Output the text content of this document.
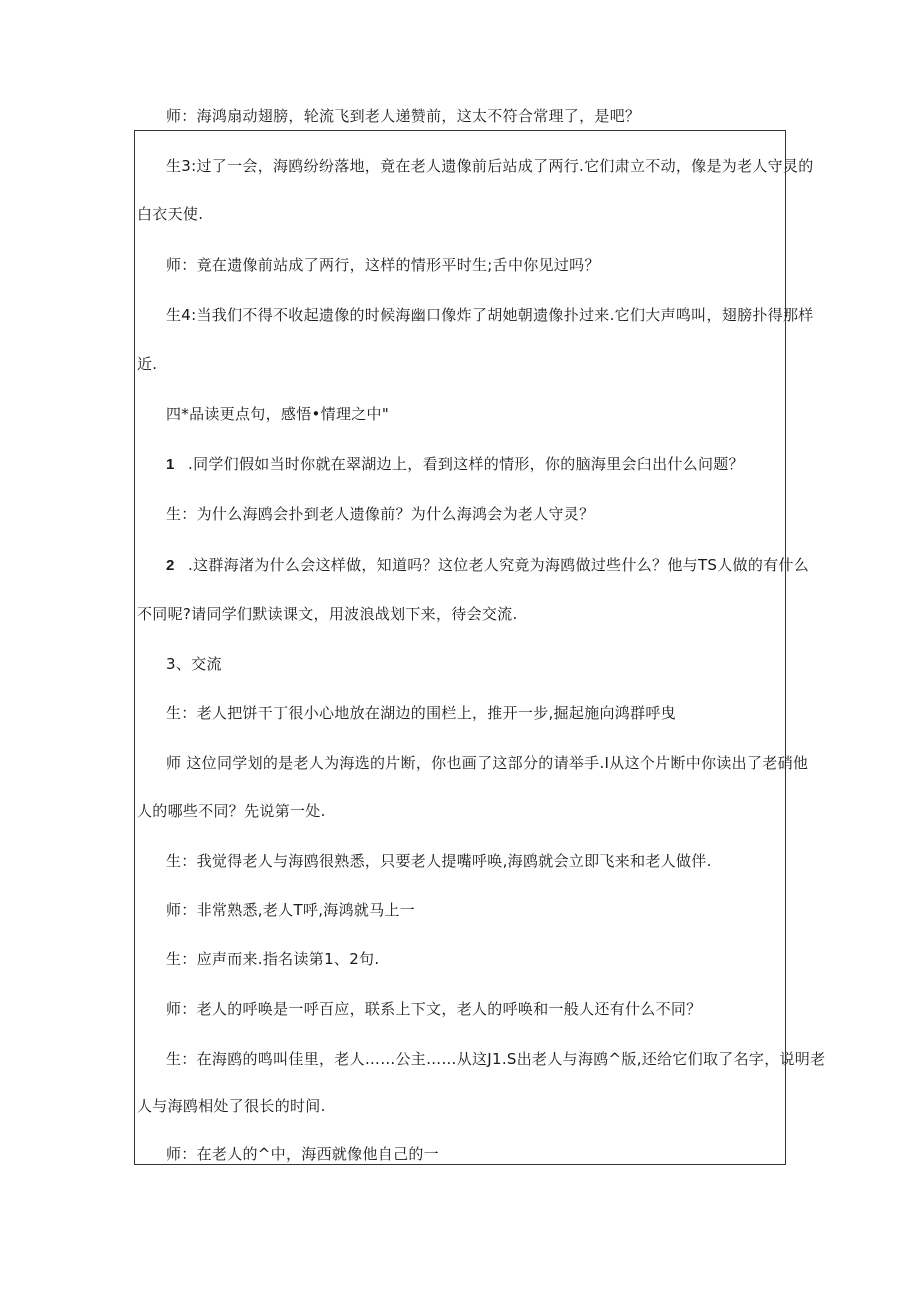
师：海鸿扇动翅膀，轮流飞到老人递赞前，这太不符合常理了，是吧？
生3:过了一会，海鸥纷纷落地，竟在老人遗像前后站成了两行.它们肃立不动，像是为老人守灵的
白衣天使.
师：竟在遗像前站成了两行，这样的情形平时生;舌中你见过吗？
生4:当我们不得不收起遗像的时候海幽口像炸了胡她朝遗像扑过来.它们大声鸣叫，翅膀扑得那样
近.
四*品读更点句，感悟•情理之中"
1 .同学们假如当时你就在翠湖边上，看到这样的情形，你的脑海里会臼出什么问题？
生：为什么海鸥会扑到老人遗像前？为什么海鸿会为老人守灵？
2 .这群海渚为什么会这样做，知道吗？这位老人究竟为海鸥做过些什么？他与TS人做的有什么
不同呢?请同学们默读课文，用波浪战划下来，待会交流.
3、交流
生：老人把饼干丁很小心地放在湖边的围栏上，推开一步,掘起施向鸿群呼曳
师 这位同学划的是老人为海选的片断，你也画了这部分的请举手.I从这个片断中你读出了老硝他
人的哪些不同？先说第一处.
生：我觉得老人与海鸥很熟悉，只要老人提嘴呼唤,海鸥就会立即飞来和老人做伴.
师：非常熟悉,老人T呼,海鸿就马上一
生：应声而来.指名读第1、2句.
师：老人的呼唤是一呼百应，联系上下文，老人的呼唤和一般人还有什么不同？
生：在海鸥的鸣叫佳里，老人……公主……从这J1.S出老人与海鸥^版,还给它们取了名字，说明老
人与海鸥相处了很长的时间.
师：在老人的^中，海西就像他自己的一
